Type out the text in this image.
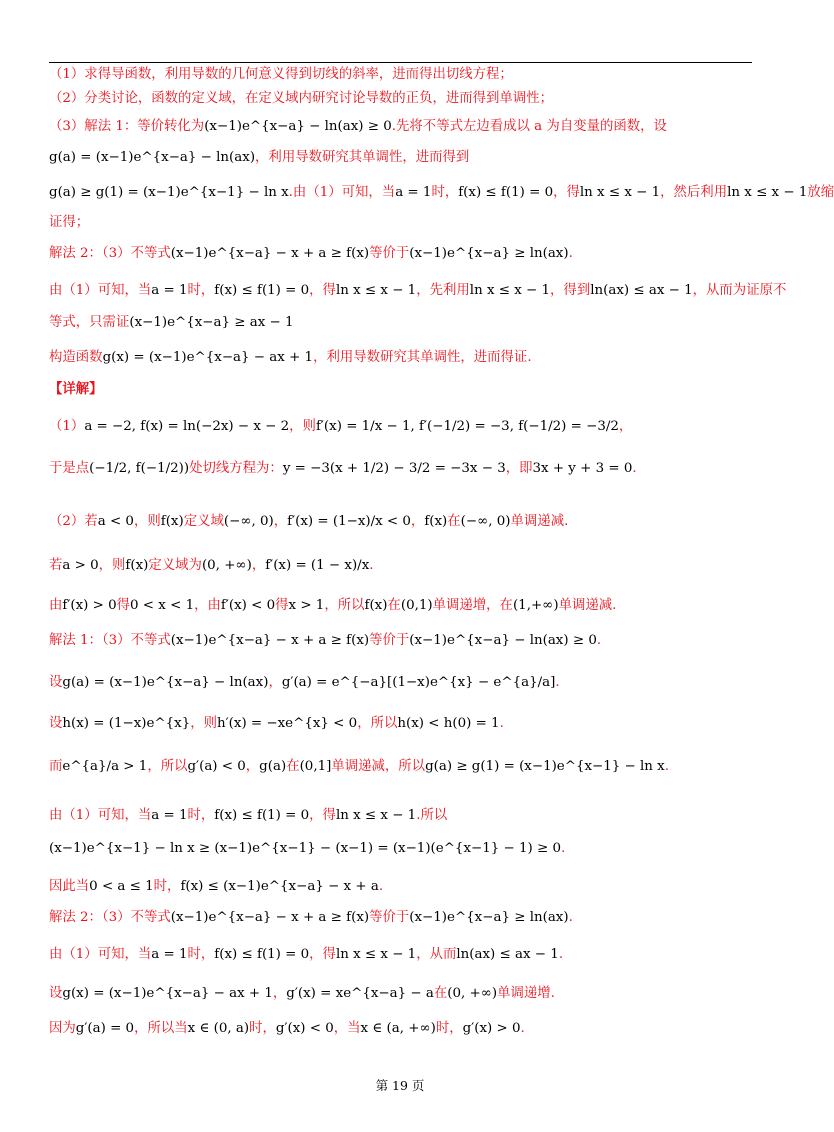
（1）求得导函数，利用导数的几何意义得到切线的斜率，进而得出切线方程；
（2）分类讨论，函数的定义域，在定义域内研究讨论导数的正负，进而得到单调性；
（3）解法 1：等价转化为(x−1)e^{x−a} − ln(ax) ≥ 0.先将不等式左边看成以 a 为自变量的函数，设
g(a) = (x−1)e^{x−a} − ln(ax)，利用导数研究其单调性，进而得到
g(a) ≥ g(1) = (x−1)e^{x−1} − ln x.由（1）可知，当a = 1时，f(x) ≤ f(1) = 0，得ln x ≤ x − 1，然后利用ln x ≤ x − 1放缩
证得；
解法 2：（3）不等式(x−1)e^{x−a} − x + a ≥ f(x)等价于(x−1)e^{x−a} ≥ ln(ax).
由（1）可知，当a = 1时，f(x) ≤ f(1) = 0，得ln x ≤ x − 1，先利用ln x ≤ x − 1，得到ln(ax) ≤ ax − 1，从而为证原不
等式，只需证(x−1)e^{x−a} ≥ ax − 1
构造函数g(x) = (x−1)e^{x−a} − ax + 1，利用导数研究其单调性，进而得证.
【详解】
（1）a = −2, f(x) = ln(−2x) − x − 2，则f′(x) = 1/x − 1, f′(−1/2) = −3, f(−1/2) = −3/2，
于是点(−1/2, f(−1/2))处切线方程为：y = −3(x + 1/2) − 3/2 = −3x − 3，即3x + y + 3 = 0.
（2）若a < 0，则f(x)定义域(−∞, 0)，f′(x) = (1−x)/x < 0，f(x)在(−∞, 0)单调递减.
若a > 0，则f(x)定义域为(0, +∞)，f′(x) = (1 − x)/x.
由f′(x) > 0得0 < x < 1，由f′(x) < 0得x > 1，所以f(x)在(0,1)单调递增，在(1,+∞)单调递减.
解法 1：（3）不等式(x−1)e^{x−a} − x + a ≥ f(x)等价于(x−1)e^{x−a} − ln(ax) ≥ 0.
设g(a) = (x−1)e^{x−a} − ln(ax)，g′(a) = e^{−a}[(1−x)e^{x} − e^{a}/a].
设h(x) = (1−x)e^{x}，则h′(x) = −xe^{x} < 0，所以h(x) < h(0) = 1.
而e^{a}/a > 1，所以g′(a) < 0，g(a)在(0,1]单调递减，所以g(a) ≥ g(1) = (x−1)e^{x−1} − ln x.
由（1）可知，当a = 1时，f(x) ≤ f(1) = 0，得ln x ≤ x − 1.所以
(x−1)e^{x−1} − ln x ≥ (x−1)e^{x−1} − (x−1) = (x−1)(e^{x−1} − 1) ≥ 0.
因此当0 < a ≤ 1时，f(x) ≤ (x−1)e^{x−a} − x + a.
解法 2：（3）不等式(x−1)e^{x−a} − x + a ≥ f(x)等价于(x−1)e^{x−a} ≥ ln(ax).
由（1）可知，当a = 1时，f(x) ≤ f(1) = 0，得ln x ≤ x − 1，从而ln(ax) ≤ ax − 1.
设g(x) = (x−1)e^{x−a} − ax + 1，g′(x) = xe^{x−a} − a在(0, +∞)单调递增.
因为g′(a) = 0，所以当x ∈ (0, a)时，g′(x) < 0，当x ∈ (a, +∞)时，g′(x) > 0.
第 19 页
